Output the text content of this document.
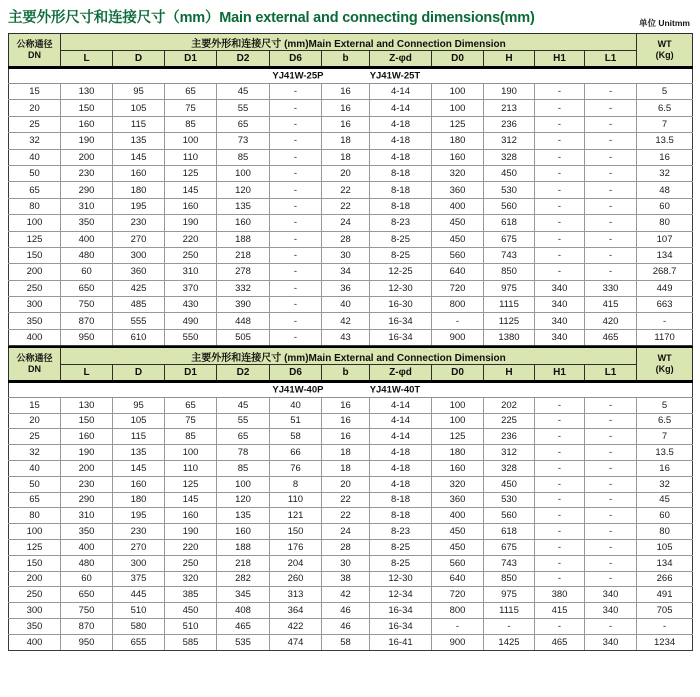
主要外形尺寸和连接尺寸（mm）Main external and connecting dimensions(mm)	单位 Unitmm
公称通径
DN	主要外形和连接尺寸 (mm)Main External and Connection Dimension											WT
(Kg)
	L	D	D1	D2	D6	b	Z-φd	D0	H	H1	L1	

YJ41W-25P YJ41W-25T												

15	130	95	65	45	-	16	4-14	100	190	-	-	5
20	150	105	75	55	-	16	4-14	100	213	-	-	6.5
25	160	115	85	65	-	16	4-18	125	236	-	-	7
32	190	135	100	73	-	18	4-18	180	312	-	-	13.5
40	200	145	110	85	-	18	4-18	160	328	-	-	16
50	230	160	125	100	-	20	8-18	320	450	-	-	32
65	290	180	145	120	-	22	8-18	360	530	-	-	48
80	310	195	160	135	-	22	8-18	400	560	-	-	60
100	350	230	190	160	-	24	8-23	450	618	-	-	80
125	400	270	220	188	-	28	8-25	450	675	-	-	107
150	480	300	250	218	-	30	8-25	560	743	-	-	134
200	60	360	310	278	-	34	12-25	640	850	-	-	268.7
250	650	425	370	332	-	36	12-30	720	975	340	330	449
300	750	485	430	390	-	40	16-30	800	1115	340	415	663
350	870	555	490	448	-	42	16-34	-	1125	340	420	-
400	950	610	550	505	-	43	16-34	900	1380	340	465	1170
公称通径
DN	主要外形和连接尺寸 (mm)Main External and Connection Dimension											WT
(Kg)
	L	D	D1	D2	D6	b	Z-φd	D0	H	H1	L1	

YJ41W-40P YJ41W-40T												

15	130	95	65	45	40	16	4-14	100	202	-	-	5
20	150	105	75	55	51	16	4-14	100	225	-	-	6.5
25	160	115	85	65	58	16	4-14	125	236	-	-	7
32	190	135	100	78	66	18	4-18	180	312	-	-	13.5
40	200	145	110	85	76	18	4-18	160	328	-	-	16
50	230	160	125	100	8	20	4-18	320	450	-	-	32
65	290	180	145	120	110	22	8-18	360	530	-	-	45
80	310	195	160	135	121	22	8-18	400	560	-	-	60
100	350	230	190	160	150	24	8-23	450	618	-	-	80
125	400	270	220	188	176	28	8-25	450	675	-	-	105
150	480	300	250	218	204	30	8-25	560	743	-	-	134
200	60	375	320	282	260	38	12-30	640	850	-	-	266
250	650	445	385	345	313	42	12-34	720	975	380	340	491
300	750	510	450	408	364	46	16-34	800	1115	415	340	705
350	870	580	510	465	422	46	16-34	-	-	-	-	-
400	950	655	585	535	474	58	16-41	900	1425	465	340	1234
